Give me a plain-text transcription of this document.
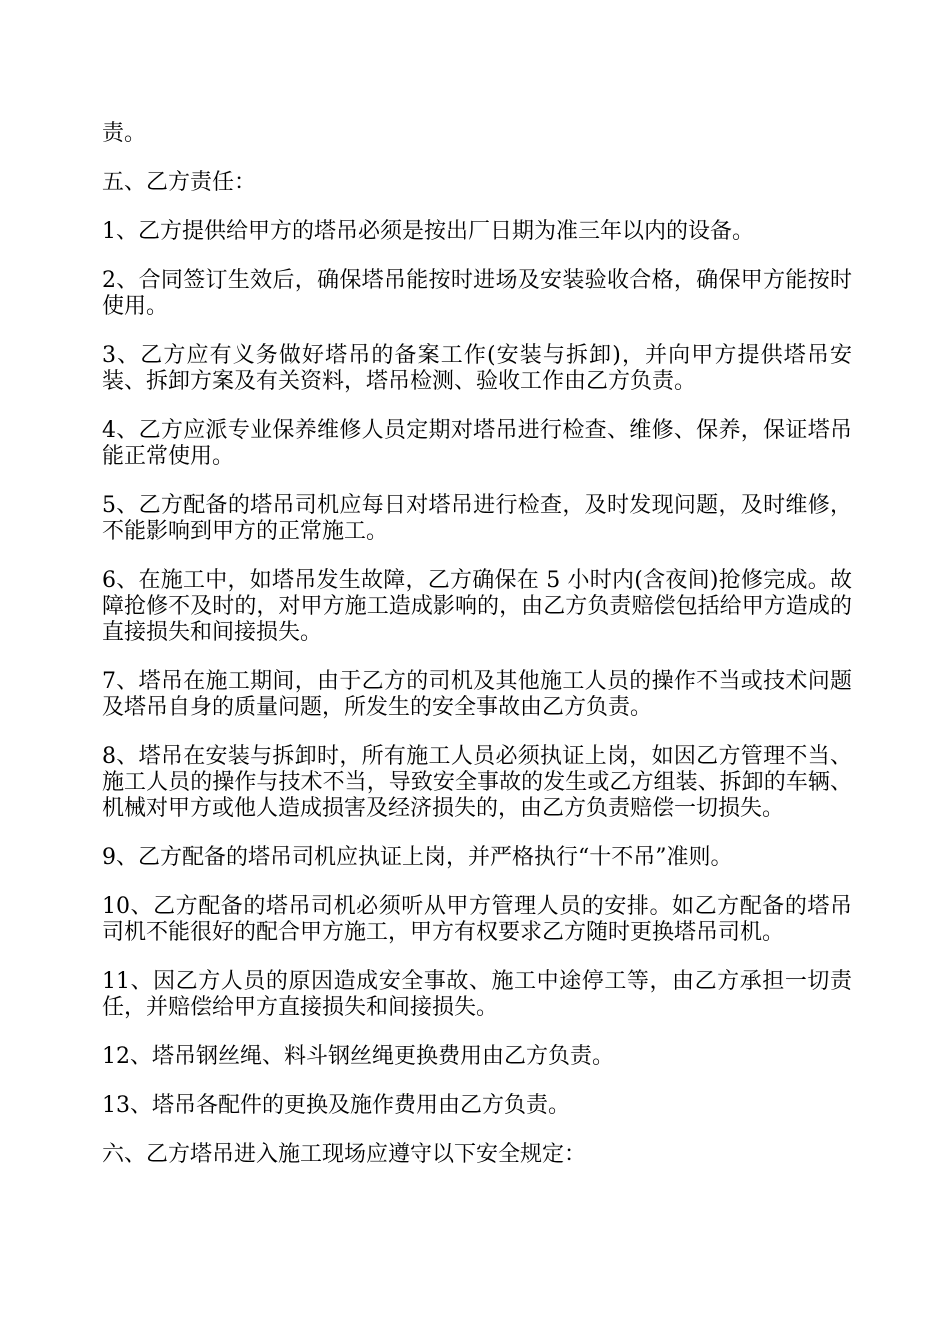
责。

五、乙方责任：

1、乙方提供给甲方的塔吊必须是按出厂日期为准三年以内的设备。

2、合同签订生效后，确保塔吊能按时进场及安装验收合格，确保甲方能按时使用。

3、乙方应有义务做好塔吊的备案工作(安装与拆卸)，并向甲方提供塔吊安装、拆卸方案及有关资料，塔吊检测、验收工作由乙方负责。

4、乙方应派专业保养维修人员定期对塔吊进行检查、维修、保养，保证塔吊能正常使用。

5、乙方配备的塔吊司机应每日对塔吊进行检查，及时发现问题，及时维修，不能影响到甲方的正常施工。

6、在施工中，如塔吊发生故障，乙方确保在 5 小时内(含夜间)抢修完成。故障抢修不及时的，对甲方施工造成影响的，由乙方负责赔偿包括给甲方造成的直接损失和间接损失。

7、塔吊在施工期间，由于乙方的司机及其他施工人员的操作不当或技术问题及塔吊自身的质量问题，所发生的安全事故由乙方负责。

8、塔吊在安装与拆卸时，所有施工人员必须执证上岗，如因乙方管理不当、施工人员的操作与技术不当，导致安全事故的发生或乙方组装、拆卸的车辆、机械对甲方或他人造成损害及经济损失的，由乙方负责赔偿一切损失。

9、乙方配备的塔吊司机应执证上岗，并严格执行“十不吊”准则。

10、乙方配备的塔吊司机必须听从甲方管理人员的安排。如乙方配备的塔吊司机不能很好的配合甲方施工，甲方有权要求乙方随时更换塔吊司机。

11、因乙方人员的原因造成安全事故、施工中途停工等，由乙方承担一切责任，并赔偿给甲方直接损失和间接损失。

12、塔吊钢丝绳、料斗钢丝绳更换费用由乙方负责。

13、塔吊各配件的更换及施作费用由乙方负责。

六、乙方塔吊进入施工现场应遵守以下安全规定：
